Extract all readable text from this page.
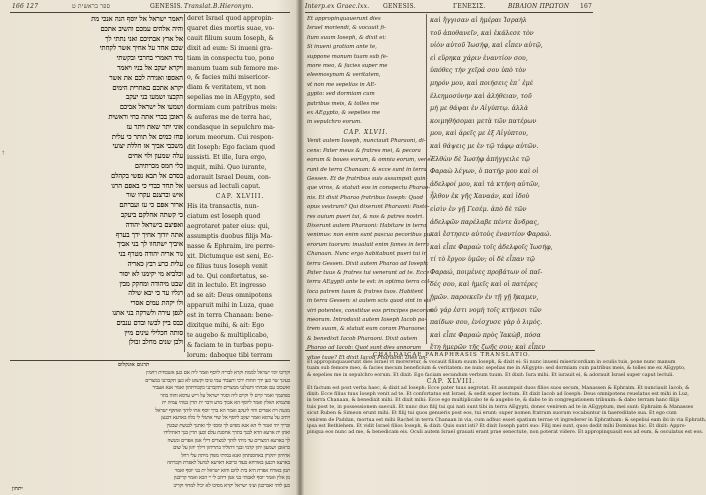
166 127	ספר בראשית ט	GENESIS. Translat.B.Hieronym.
ויאמר ישראל אל יוסף הנה אנכי מת
והיה אלהים עמכם והשיב אתכם
אל ארץ אבתיכם ואני נתתי לך
שכם אחד על אחיך אשר לקחתי
מיד האמרי בחרבי ובקשתי
ויקרא יעקב אל בניו ויאמר
האספו ואגידה לכם את אשר
יקרא אתכם באחרית הימים
הקבצו ושמעו בני יעקב
ושמעו אל ישראל אביכם
ראובן בכרי אתה כחי וראשית
אוני יתר שאת ויתר עז
פחז כמים אל תותר כי עלית
משכבי אביך אז חללת יצועי
עלה שמעון ולוי אחים
כלי חמס מכרתיהם
בסדם אל תבא נפשי בקהלם
אל תחד כבדי כי באפם הרגו
איש וברצנם עקרו שור
ארור אפם כי עז ועברתם
כי קשתה אחלקם ביעקב
ואפיצם בישראל יהודה
אתה יודוך אחיך ידך בערף
איביך ישתחוו לך בני אביך
גור אריה יהודה מטרף בני
עלית כרע רבץ כאריה
וכלביא מי יקימנו לא יסור
שבט מיהודה ומחקק מבין
רגליו עד כי יבא שילה
ולו יקהת עמים אסרי
לגפן עירה ולשרקה בני אתנו
כבס ביין לבשו ובדם ענבים
סותה חכלילי עינים מיין
ולבן שנים מחלב זבולן
deret Israel quod appropin-
quaret dies mortis suae, vo-
cauit filium suum Ioseph, &
dixit ad eum: Si inueni gra-
tiam in conspectu tuo, pone
manum tuam sub femore me-
o, & facies mihi misericor-
diam & veritatem, vt non
sepelias me in AEgypto, sed
dormiam cum patribus meis:
& auferas me de terra hac,
condasque in sepulchro ma-
iorum meorum. Cui respon-
dit Ioseph: Ego faciam quod
iussisti. Et ille, Iura ergo,
inquit, mihi. Quo iurante,
adorauit Israel Deum, con-
uersus ad lectuli caput.
CAP. XLVIII.
His ita transactis, nun-
ciatum est Ioseph quod
aegrotaret pater eius: qui,
assumptis duobus filijs Ma-
nasse & Ephraim, ire perre-
xit. Dictumque est seni, Ec-
ce filius tuus Ioseph venit
ad te. Qui confortatus, se-
dit in lectulo. Et ingresso
ad se ait: Deus omnipotens
apparuit mihi in Luza, quae
est in terra Chanaan: bene-
dixitque mihi, & ait: Ego
te augebo & multiplicabo,
& faciam te in turbas popu-
lorum: daboque tibi terram
תרגום אונקלוס
וקריבו יומי ישראל לממת וקרא לבריה ליוסף ואמר ליה אם כען אשכחית רחמין
בעינך שוי כען ידך תחות ירכי ותעביד עמי טיבו וקשוט לא כען תקברנני במצרים
ואשכוב עם אבהתי ותטלנני ממצרים ותקברנני בקבורתהון ואמר אנא אעביד
כפתגמך ואמר קיים לי וקיים ליה וסגיד ישראל על ריש ערסא והוה בתר
פתגמיא האלין ואמר ליוסף הא אבוך מרע ודבר ית תרין בנוהי עמיה ית
מנשה וית אפרים וחוי ליעקב ואמר הא ברך יוסף אתי לותך ואתקף ישראל
ויתיב על ערסא ואמר יעקב ליוסף אל שדי אתגלי לי בלוז בארעא דכנען
ובריך יתי ואמר לי הא אנא מפיש לך ומסגי לך ואתנך לכנשת שבטין
ואתן ית ארעא הדא לבנך בתרך אחסנת עלם וכען תרין בנך דאתילידו
לך בארעא דמצרים עד מיתי לותך למצרים דילי אנון אפרים ומנשה
כראובן ושמעון יהון קדמי ובנך דתוליד בתריהון דילך יהון על שום
אחיהון יתקרון באחסנתהון ואנא במיתי מפדן מיתת עלי רחל
בארעא דכנען באורחא בעוד כרובא דארעא למיעל לאפרת וקברתה
תמן באורח אפרת היא בית לחם וחזא ישראל ית בני יוסף ואמר
מן אלין ואמר יוסף לאבוהי בני אנון דיהב לי יי הכא ואמר קריבנון
כען לותי ואברכנון ועיני ישראל יקרא מסיבו לא יכיל למחזי וקריב
יתהון
Interp.ex Graec.lxx. GENESIS.	ΓΕΝΕΣΙΣ.	ΒΙΒΛΙΟΝ ΠΡΩΤΟΝ 167
Et appropinquauerunt dies
Israel moriendi, & vocauit fi-
lium suum Ioseph, & dixit ei:
Si inueni gratiam ante te,
suppone manum tuam sub fe-
more meo, & facies super me
eleemosynam & veritatem,
vt non me sepelias in AE-
gypto: sed dormiam cum
patribus meis, & tolles me
ex AEgypto, & sepelies me
in sepulchro eorum.
CAP. XLVII.
Venit autem Ioseph, nunciauit Pharaoni, di-
cens: Pater meus & fratres mei, & pecora
eorum & boues eorum, & omnia eorum, vene-
runt de terra Chanaan: & ecce sunt in terra
Gessen. Et de fratribus suis assumpsit quin-
que viros, & statuit eos in conspectu Pharao-
nis. Et dixit Pharao fratribus Ioseph: Quod
opus vestrum? Qui dixerunt Pharaoni: Pasto-
res ouium pueri tui, & nos & patres nostri.
Dixerunt autem Pharaoni: Habitare in terra
venimus: non enim sunt pascua pecoribus pu-
erorum tuorum: inualuit enim fames in terra
Chanaan. Nunc ergo habitabunt pueri tui in
terra Gessen. Dixit autem Pharao ad Ioseph:
Pater tuus & fratres tui venerunt ad te. Ecce
terra AEgypti ante te est: in optima terra col-
loca patrem tuum & fratres tuos. Habitent
in terra Gessen: si autem scis quod sint in eis
viri potentes, constitue eos principes pecorum
meorum. Introduxit autem Ioseph Iacob pa-
trem suum, & statuit eum coram Pharaone:
& benedixit Iacob Pharaoni. Dixit autem
Pharao ad Iacob: Quot sunt dies annorum
vitae tuae? Et dixit Iacob Pharaoni: Dies an-
καὶ ἤγγισαν αἱ ἡμέραι Ἰσραὴλ
τοῦ ἀποθανεῖν, καὶ ἐκάλεσε τὸν
υἱὸν αὐτοῦ Ἰωσὴφ, καὶ εἶπεν αὐτῷ,
εἰ εὕρηκα χάριν ἐναντίον σου,
ὑπόθες τὴν χεῖρά σου ὑπὸ τὸν
μηρόν μου, καὶ ποιήσεις ἐπ᾽ ἐμὲ
ἐλεημοσύνην καὶ ἀλήθειαν, τοῦ
μή με θάψαι ἐν Αἰγύπτῳ. ἀλλὰ
κοιμηθήσομαι μετὰ τῶν πατέρων
μου, καὶ ἀρεῖς με ἐξ Αἰγύπτου,
καὶ θάψεις με ἐν τῷ τάφῳ αὐτῶν.
Ἐλθὼν δὲ Ἰωσὴφ ἀπήγγειλε τῷ
Φαραὼ λέγων, ὁ πατήρ μου καὶ οἱ
ἀδελφοί μου, καὶ τὰ κτήνη αὐτῶν,
ἦλθον ἐκ γῆς Χαναάν, καὶ ἰδοὺ
εἰσὶν ἐν γῇ Γεσέμ. ἀπὸ δὲ τῶν
ἀδελφῶν παρέλαβε πέντε ἄνδρας,
καὶ ἔστησεν αὐτοὺς ἐναντίον Φαραώ.
καὶ εἶπε Φαραὼ τοῖς ἀδελφοῖς Ἰωσήφ,
τί τὸ ἔργον ὑμῶν; οἱ δὲ εἶπαν τῷ
Φαραώ, ποιμένες προβάτων οἱ παῖ-
δές σου, καὶ ἡμεῖς καὶ οἱ πατέρες
ἡμῶν. παροικεῖν ἐν τῇ γῇ ἥκαμεν,
οὐ γάρ ἐστι νομὴ τοῖς κτήνεσι τῶν
παίδων σου, ἐνίσχυσε γὰρ ὁ λιμός.
καὶ εἶπε Φαραὼ πρὸς Ἰακὼβ, πόσα
ἔτη ἡμερῶν τῆς ζωῆς σου; καὶ εἶπεν
CHALDAICAE PARAPHRASIS TRANSLATIO.
Et appropinquauerunt dies Israel vt moreretur, & vocauit filium suum Ioseph, & dixit ei: Si nunc inueni misericordiam in oculis tuis, pone nunc manum
tuam sub femore meo, & facies mecum beneficium & veritatem: ne nunc sepelias me in AEgypto: sed dormiam cum patribus meis, & tolles me ex AEgypto,
& sepelies me in sepulchro eorum. Et dixit: Ego faciam secundum verbum tuum. Et dixit: Iura mihi. Et iurauit ei, & adorauit Israel super caput lectuli.
CAP. XLVIII.
Et factum est post verba haec, & dixit ad Ioseph: Ecce pater tuus aegrotat. Et assumpsit duos filios suos secum, Manassen & Ephraim. Et nunciauit Iacob, &
dixit: Ecce filius tuus Ioseph venit ad te. Et confortatus est Israel, & sedit super lectum. Et dixit Iacob ad Ioseph: Deus omnipotens reuelatus est mihi in Luz,
in terra Chanaan, & benedixit mihi. Et dixit mihi: Ecce ego multiplicabo te & augebo te, & dabo te in congregationem tribuum: & dabo terram hanc filijs
tuis post te, in possessionem saeculi. Et nunc duo filij tui qui nati sunt tibi in terra AEgypti, donec venirem ad te in AEgyptum, mei sunt: Ephraim & Manasses
sicut Ruben & Simeon erunt mihi. Et filij tui quos genueris post eos, tui erunt: super nomen fratrum suorum vocabuntur in haereditate sua. Et ego cum
venirem de Paddan, mortua est mihi Rachel in terra Chanaan in via, cum adhuc esset spatium terrae vt ingrederer in Ephratham: & sepeliui eam ibi in via Ephrath,
ipsa est Bethlehem. Et vidit Israel filios Ioseph, & dixit: Quis sunt isti? Et dixit Ioseph patri suo: Filij mei sunt, quos dedit mihi Dominus hic. Et dixit: Appro-
pinqua eos nunc ad me, & benedicam eis. Oculi autem Israel grauati erant prae senectute, non poterat videre. Et appropinquauit eos ad eum, & osculatus est eos.
†
